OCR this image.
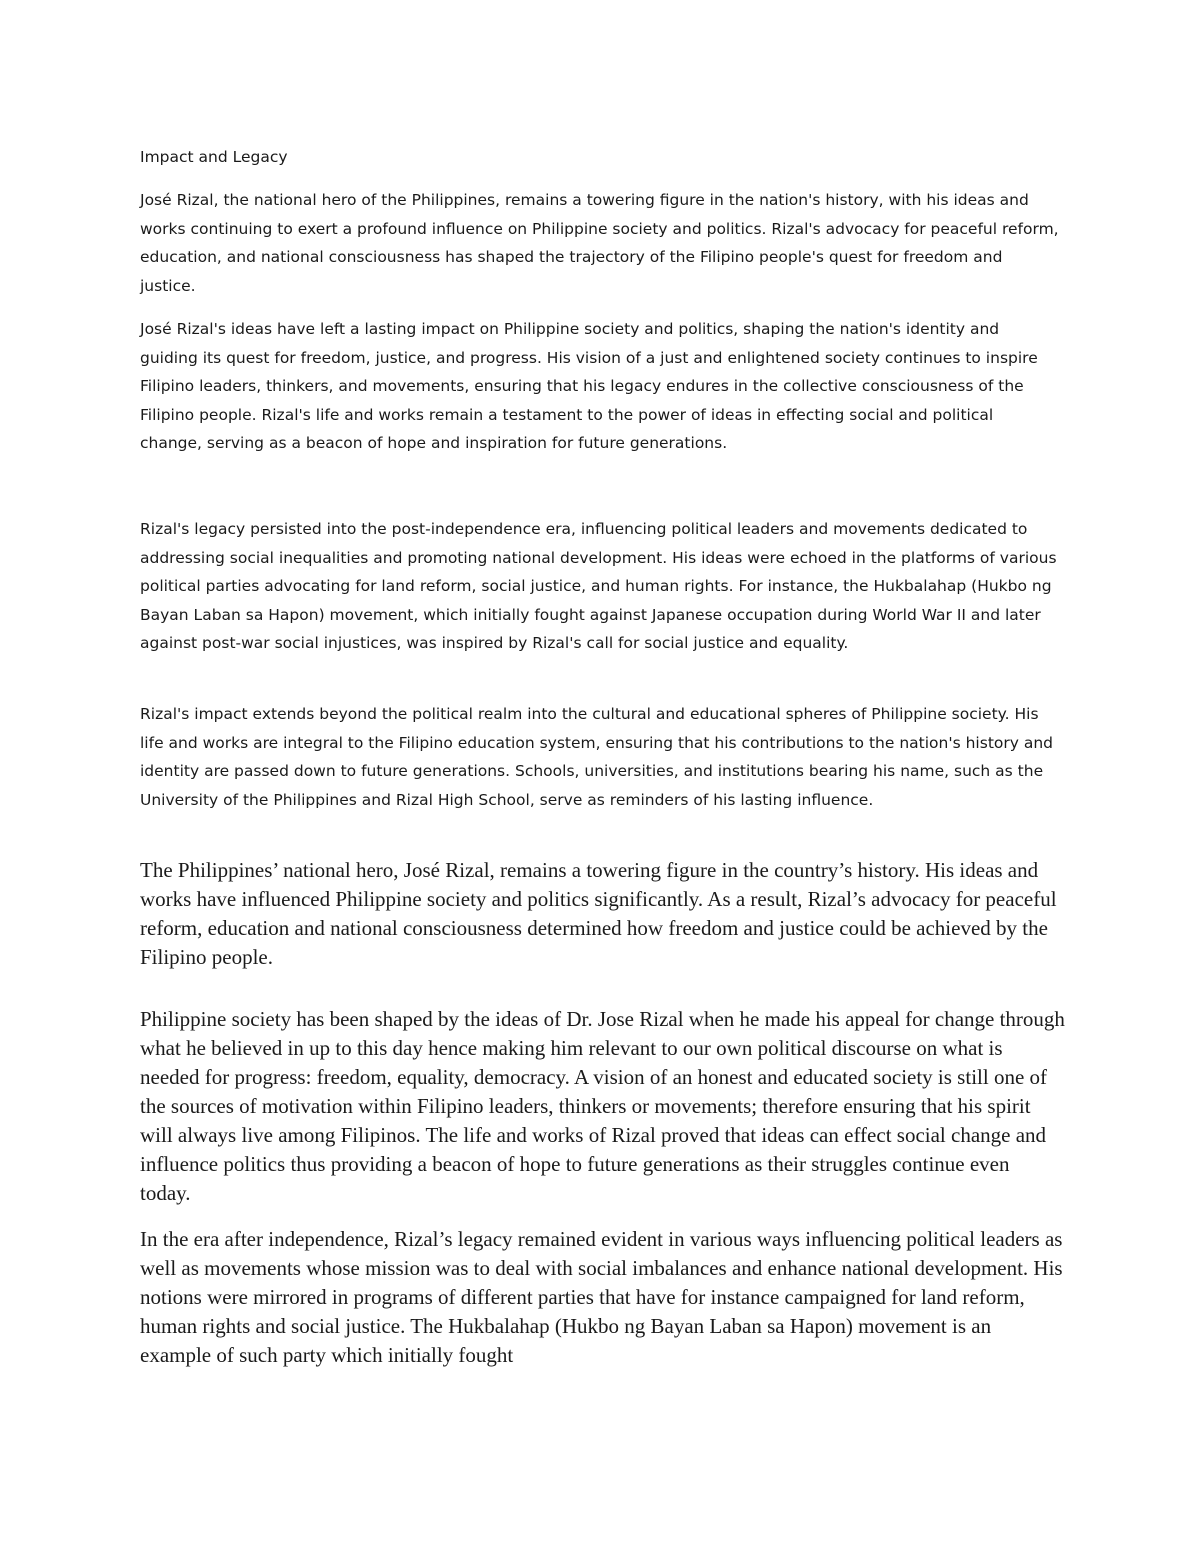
Impact and Legacy

José Rizal, the national hero of the Philippines, remains a towering figure in the nation's history, with his ideas and works continuing to exert a profound influence on Philippine society and politics. Rizal's advocacy for peaceful reform, education, and national consciousness has shaped the trajectory of the Filipino people's quest for freedom and justice.

José Rizal's ideas have left a lasting impact on Philippine society and politics, shaping the nation's identity and guiding its quest for freedom, justice, and progress. His vision of a just and enlightened society continues to inspire Filipino leaders, thinkers, and movements, ensuring that his legacy endures in the collective consciousness of the Filipino people. Rizal's life and works remain a testament to the power of ideas in effecting social and political change, serving as a beacon of hope and inspiration for future generations.

Rizal's legacy persisted into the post-independence era, influencing political leaders and movements dedicated to addressing social inequalities and promoting national development. His ideas were echoed in the platforms of various political parties advocating for land reform, social justice, and human rights. For instance, the Hukbalahap (Hukbo ng Bayan Laban sa Hapon) movement, which initially fought against Japanese occupation during World War II and later against post-war social injustices, was inspired by Rizal's call for social justice and equality.

Rizal's impact extends beyond the political realm into the cultural and educational spheres of Philippine society. His life and works are integral to the Filipino education system, ensuring that his contributions to the nation's history and identity are passed down to future generations. Schools, universities, and institutions bearing his name, such as the University of the Philippines and Rizal High School, serve as reminders of his lasting influence.

The Philippines’ national hero, José Rizal, remains a towering figure in the country’s history. His ideas and works have influenced Philippine society and politics significantly. As a result, Rizal’s advocacy for peaceful reform, education and national consciousness determined how freedom and justice could be achieved by the Filipino people.

Philippine society has been shaped by the ideas of Dr. Jose Rizal when he made his appeal for change through what he believed in up to this day hence making him relevant to our own political discourse on what is needed for progress: freedom, equality, democracy. A vision of an honest and educated society is still one of the sources of motivation within Filipino leaders, thinkers or movements; therefore ensuring that his spirit will always live among Filipinos. The life and works of Rizal proved that ideas can effect social change and influence politics thus providing a beacon of hope to future generations as their struggles continue even today.

In the era after independence, Rizal’s legacy remained evident in various ways influencing political leaders as well as movements whose mission was to deal with social imbalances and enhance national development. His notions were mirrored in programs of different parties that have for instance campaigned for land reform, human rights and social justice. The Hukbalahap (Hukbo ng Bayan Laban sa Hapon) movement is an example of such party which initially fought
